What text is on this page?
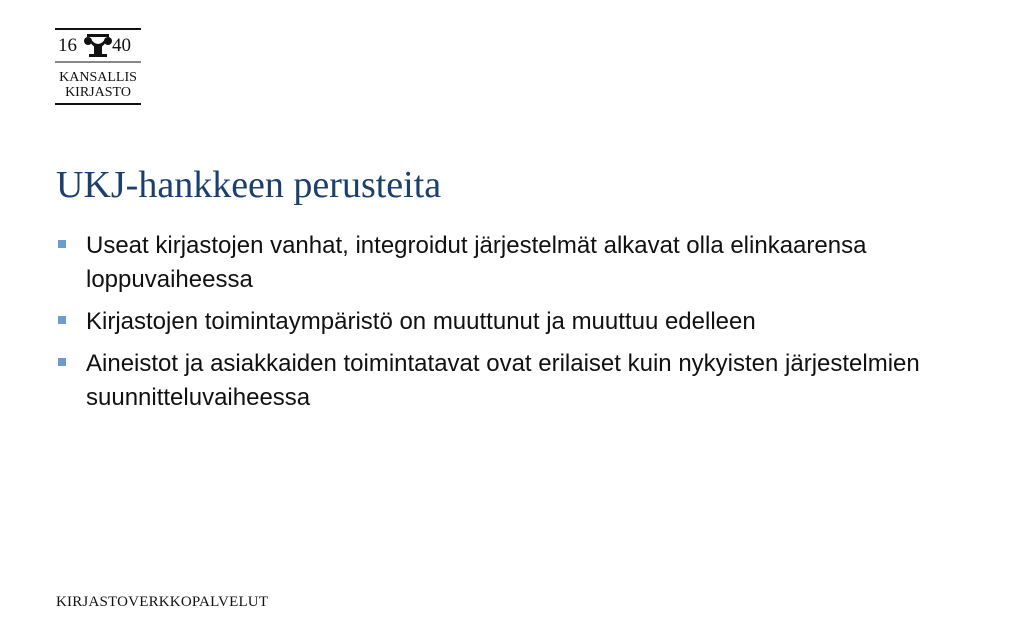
16 40
KANSALLIS
KIRJASTO
UKJ-hankkeen perusteita
Useat kirjastojen vanhat, integroidut järjestelmät alkavat olla elinkaarensa loppuvaiheessa
Kirjastojen toimintaympäristö on muuttunut ja muuttuu edelleen
Aineistot ja asiakkaiden toimintatavat ovat erilaiset kuin nykyisten järjestelmien suunnitteluvaiheessa
KIRJASTOVERKKOPALVELUT
